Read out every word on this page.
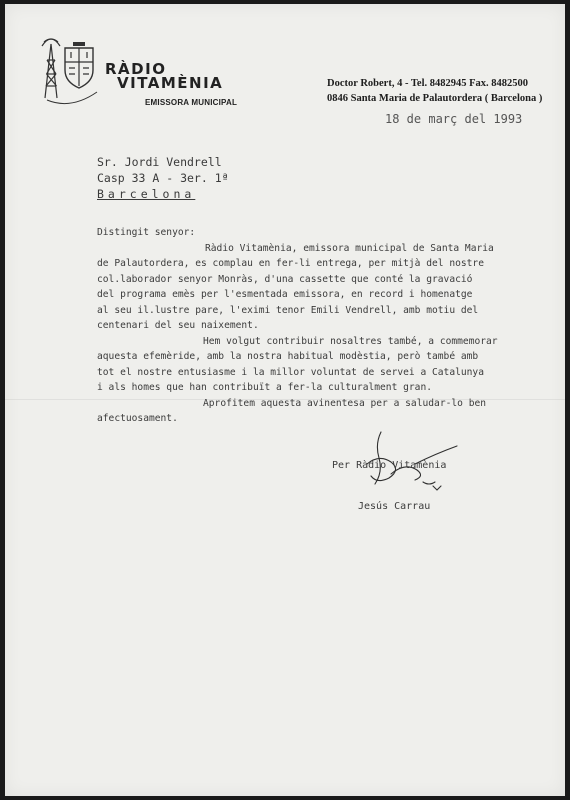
RÀDIO
VITAMÈNIA
EMISSORA MUNICIPAL
Doctor Robert, 4 - Tel. 8482945 Fax. 8482500
0846 Santa Maria de Palautordera ( Barcelona )
18 de març del 1993
Sr. Jordi Vendrell
Casp 33 A - 3er. 1ª
Barcelona
Distingit senyor:
Ràdio Vitamènia, emissora municipal de Santa Maria
de Palautordera, es complau en fer-li entrega, per mitjà del nostre
col.laborador senyor Monràs, d'una cassette que conté la gravació
del programa emès per l'esmentada emissora, en record i homenatge
al seu il.lustre pare, l'eximi tenor Emili Vendrell, amb motiu del
centenari del seu naixement.
Hem volgut contribuir nosaltres també, a commemorar
aquesta efemèride, amb la nostra habitual modèstia, però també amb
tot el nostre entusiasme i la millor voluntat de servei a Catalunya
i als homes que han contribuït a fer-la culturalment gran.
Aprofitem aquesta avinentesa per a saludar-lo ben
afectuosament.
Per Ràdio Vitamènia
Jesús Carrau
